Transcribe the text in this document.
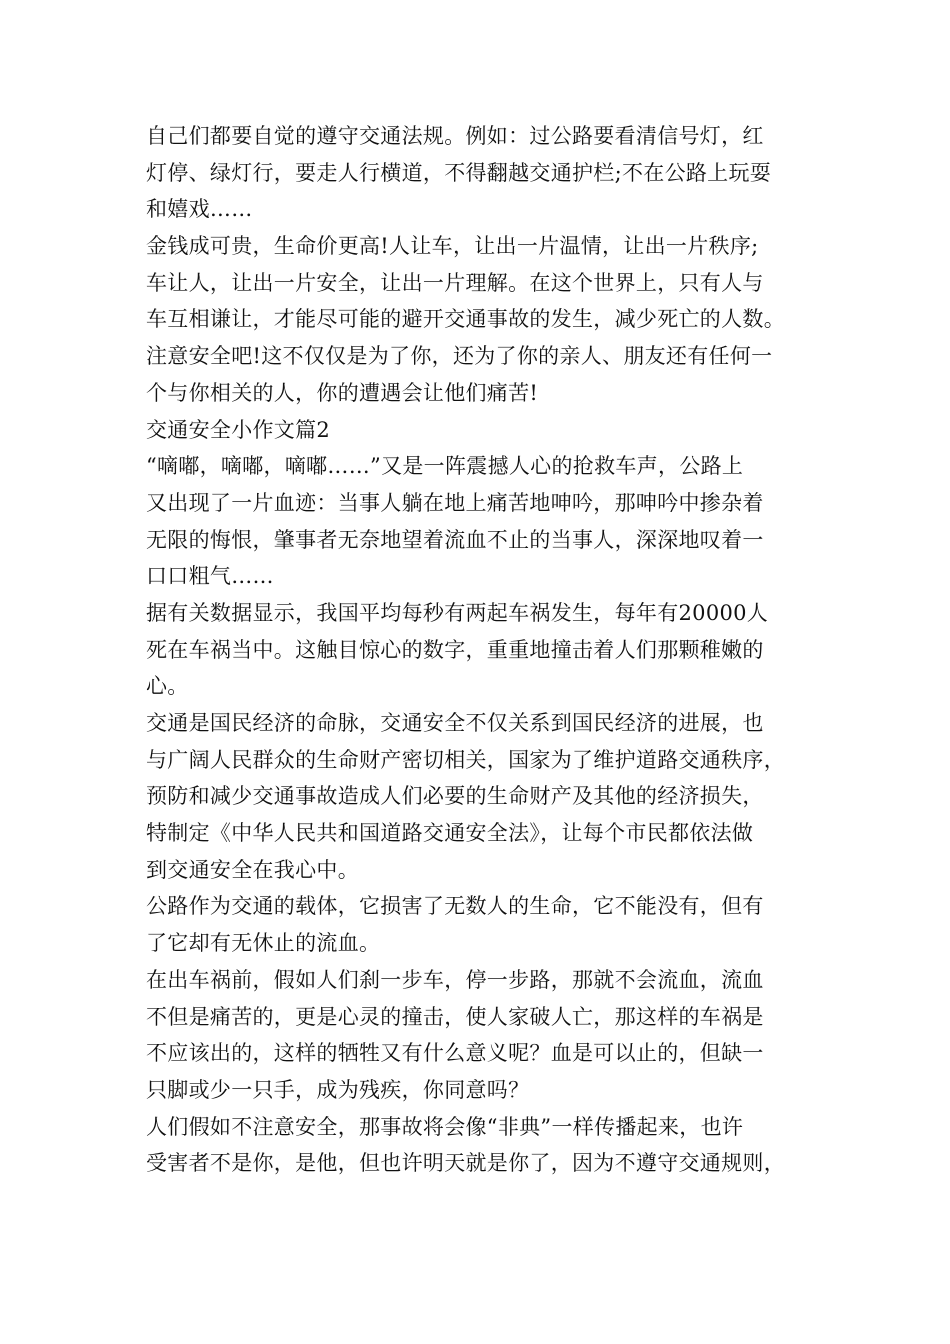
自己们都要自觉的遵守交通法规。例如：过公路要看清信号灯，红
灯停、绿灯行，要走人行横道，不得翻越交通护栏;不在公路上玩耍
和嬉戏……
金钱成可贵，生命价更高!人让车，让出一片温情，让出一片秩序;
车让人，让出一片安全，让出一片理解。在这个世界上，只有人与
车互相谦让，才能尽可能的避开交通事故的发生，减少死亡的人数。
注意安全吧!这不仅仅是为了你，还为了你的亲人、朋友还有任何一
个与你相关的人，你的遭遇会让他们痛苦!
交通安全小作文篇2
“嘀嘟，嘀嘟，嘀嘟……”又是一阵震撼人心的抢救车声，公路上
又出现了一片血迹：当事人躺在地上痛苦地呻吟，那呻吟中掺杂着
无限的悔恨，肇事者无奈地望着流血不止的当事人，深深地叹着一
口口粗气……
据有关数据显示，我国平均每秒有两起车祸发生，每年有20000人
死在车祸当中。这触目惊心的数字，重重地撞击着人们那颗稚嫩的
心。
交通是国民经济的命脉，交通安全不仅关系到国民经济的进展，也
与广阔人民群众的生命财产密切相关，国家为了维护道路交通秩序，
预防和减少交通事故造成人们必要的生命财产及其他的经济损失，
特制定《中华人民共和国道路交通安全法》，让每个市民都依法做
到交通安全在我心中。
公路作为交通的载体，它损害了无数人的生命，它不能没有，但有
了它却有无休止的流血。
在出车祸前，假如人们刹一步车，停一步路，那就不会流血，流血
不但是痛苦的，更是心灵的撞击，使人家破人亡，那这样的车祸是
不应该出的，这样的牺牲又有什么意义呢？血是可以止的，但缺一
只脚或少一只手，成为残疾，你同意吗？
人们假如不注意安全，那事故将会像“非典”一样传播起来，也许
受害者不是你，是他，但也许明天就是你了，因为不遵守交通规则，
